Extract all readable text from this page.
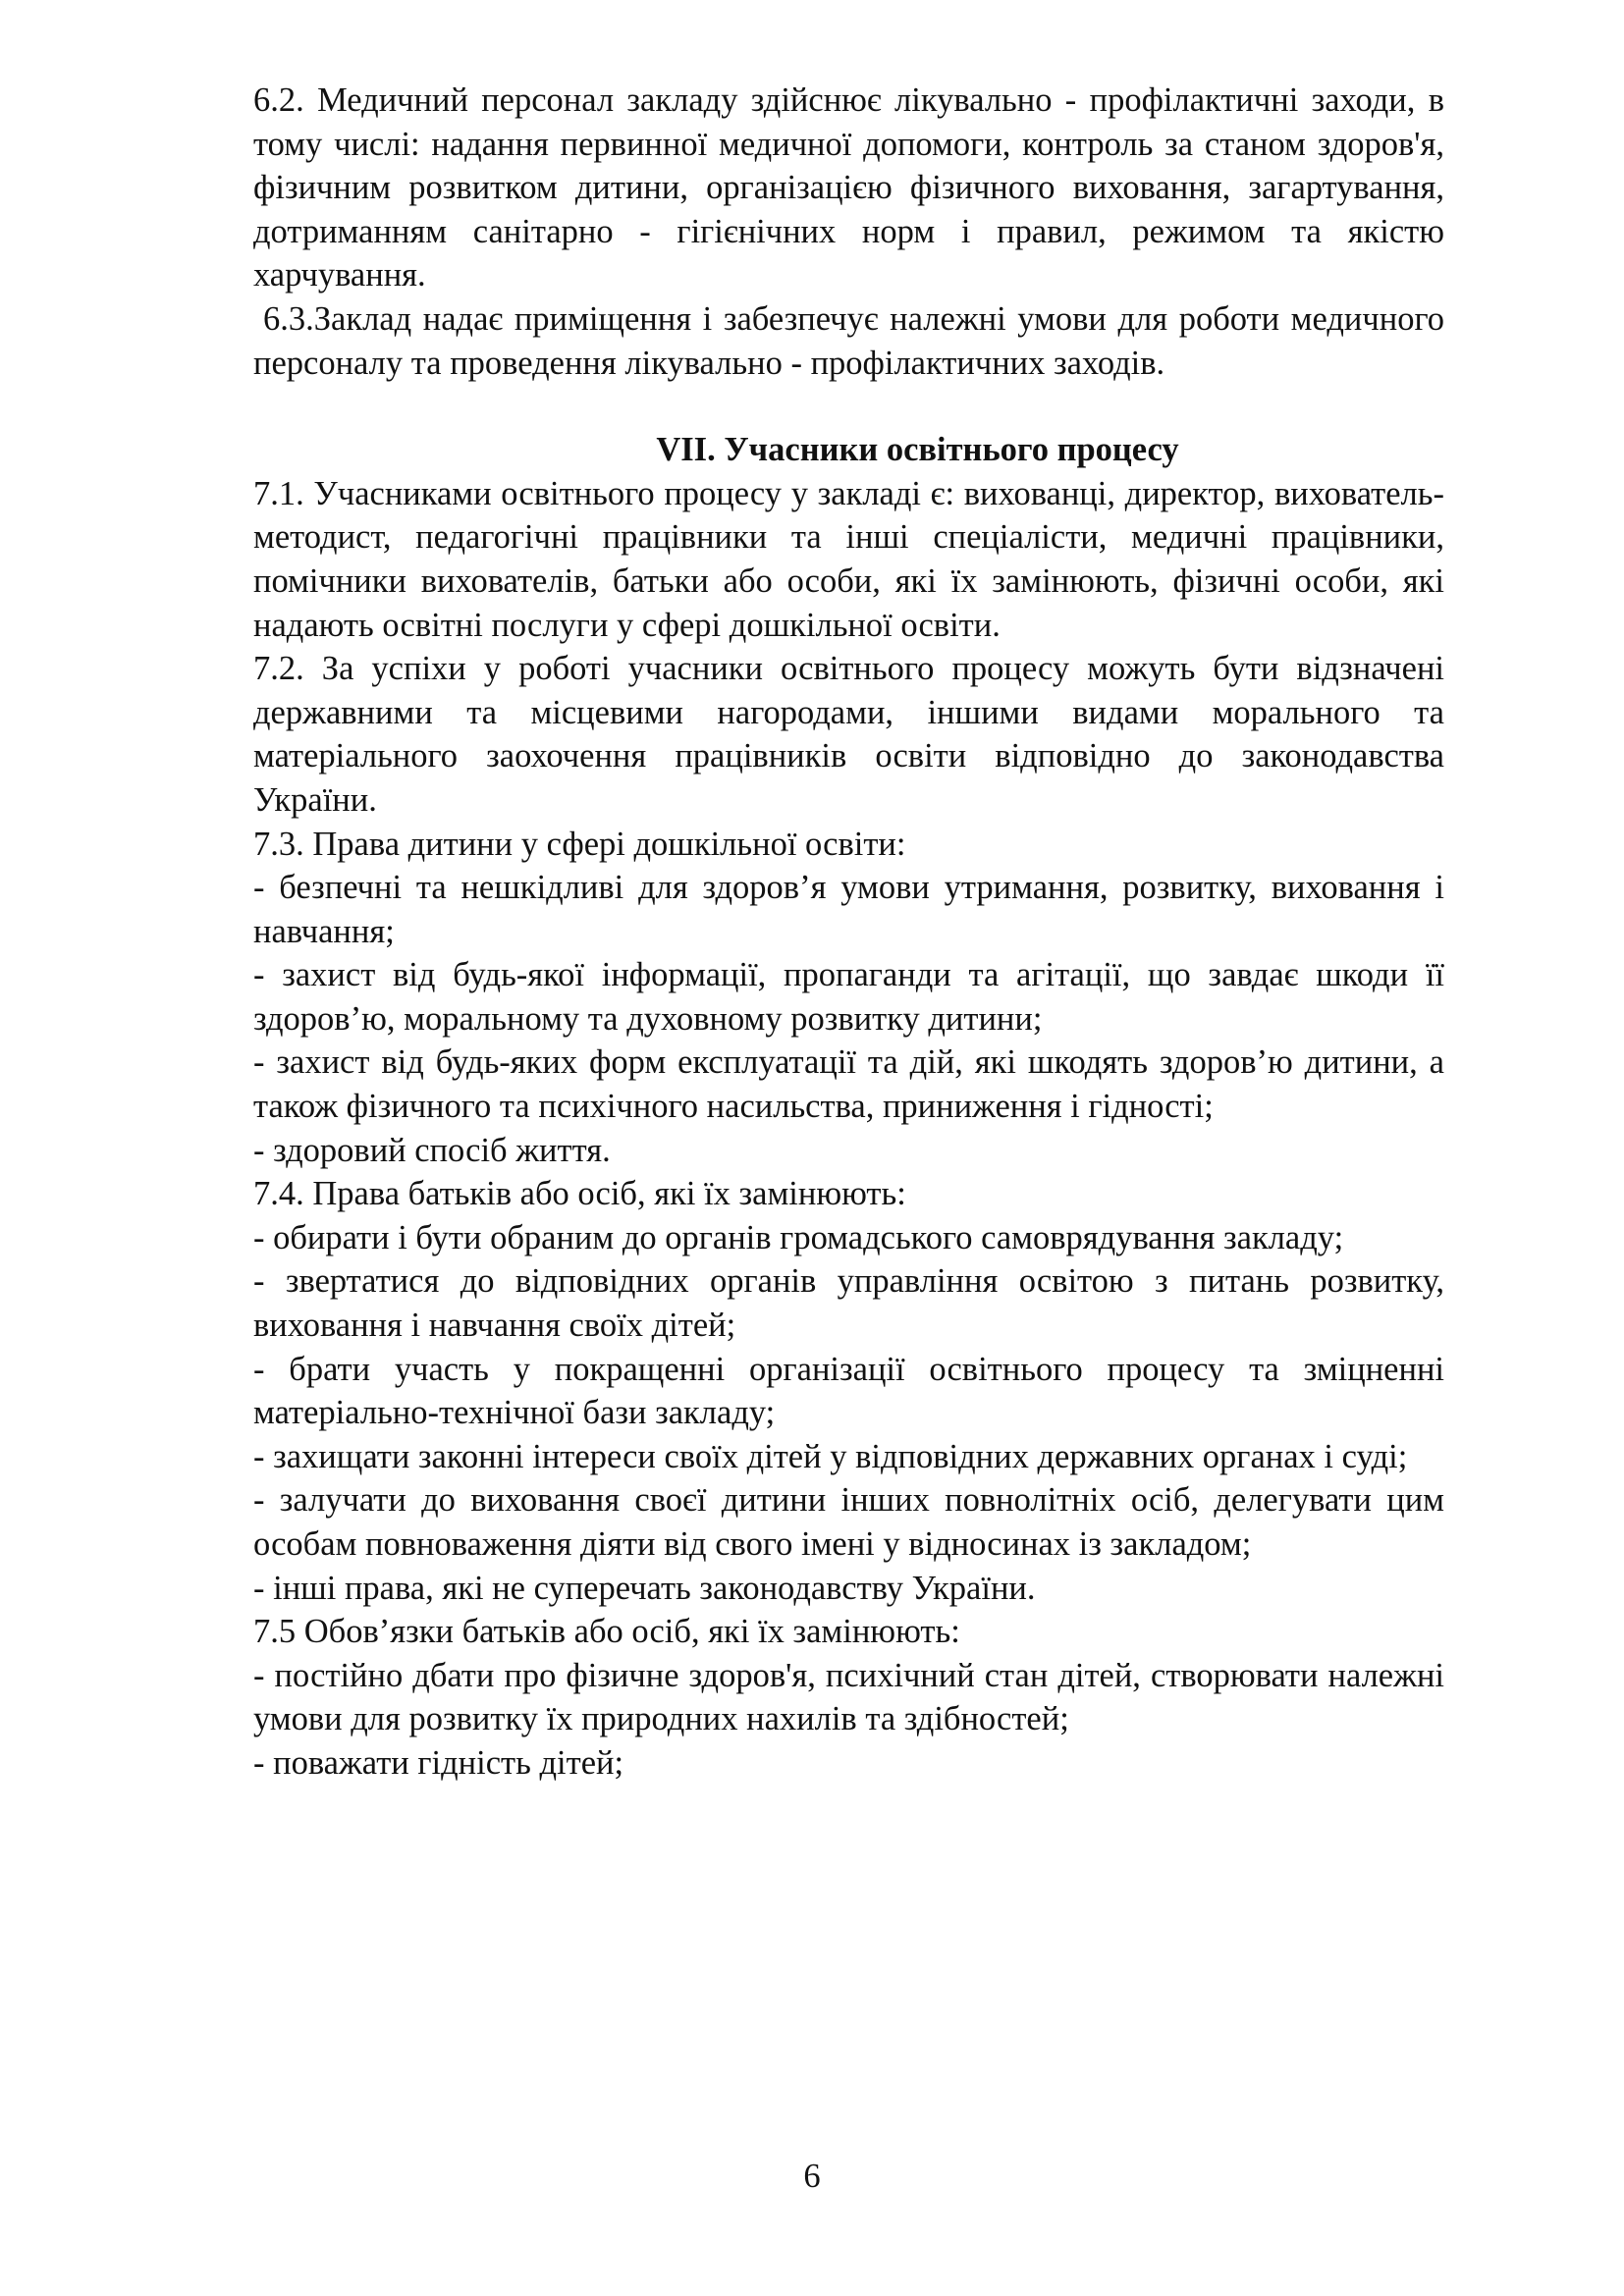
6.2. Медичний персонал закладу здійснює лікувально - профілактичні заходи, в тому числі: надання первинної медичної допомоги, контроль за станом здоров'я, фізичним розвитком дитини, організацією фізичного виховання, загартування, дотриманням санітарно - гігієнічних норм і правил, режимом та якістю харчування.

6.3.Заклад надає приміщення і забезпечує належні умови для роботи медичного персоналу та проведення лікувально - профілактичних заходів.

VII. Учасники освітнього процесу

7.1. Учасниками освітнього процесу у закладі є: вихованці, директор, вихователь-методист, педагогічні працівники та інші спеціалісти, медичні працівники, помічники вихователів, батьки або особи, які їх замінюють, фізичні особи, які надають освітні послуги у сфері дошкільної освіти.

7.2. За успіхи у роботі учасники освітнього процесу можуть бути відзначені державними та місцевими нагородами, іншими видами морального та матеріального заохочення працівників освіти відповідно до законодавства України.

7.3. Права дитини у сфері дошкільної освіти:

- безпечні та нешкідливі для здоров’я умови утримання, розвитку, виховання і навчання;

- захист від будь-якої інформації, пропаганди та агітації, що завдає шкоди її здоров’ю, моральному та духовному розвитку дитини;

- захист від будь-яких форм експлуатації та дій, які шкодять здоров’ю дитини, а також фізичного та психічного насильства, приниження і гідності;

- здоровий спосіб життя.

7.4. Права батьків або осіб, які їх замінюють:

- обирати і бути обраним до органів громадського самоврядування закладу;

- звертатися до відповідних органів управління освітою з питань розвитку, виховання і навчання своїх дітей;

- брати участь у покращенні організації освітнього процесу та зміцненні матеріально-технічної бази закладу;

- захищати законні інтереси своїх дітей у відповідних державних органах і суді;

- залучати до виховання своєї дитини інших повнолітніх осіб, делегувати цим особам повноваження діяти від свого імені у відносинах із закладом;

- інші права, які не суперечать законодавству України.

7.5 Обов’язки батьків або осіб, які їх замінюють:

- постійно дбати про фізичне здоров'я, психічний стан дітей, створювати належні умови для розвитку їх природних нахилів та здібностей;

- поважати гідність дітей;

6
